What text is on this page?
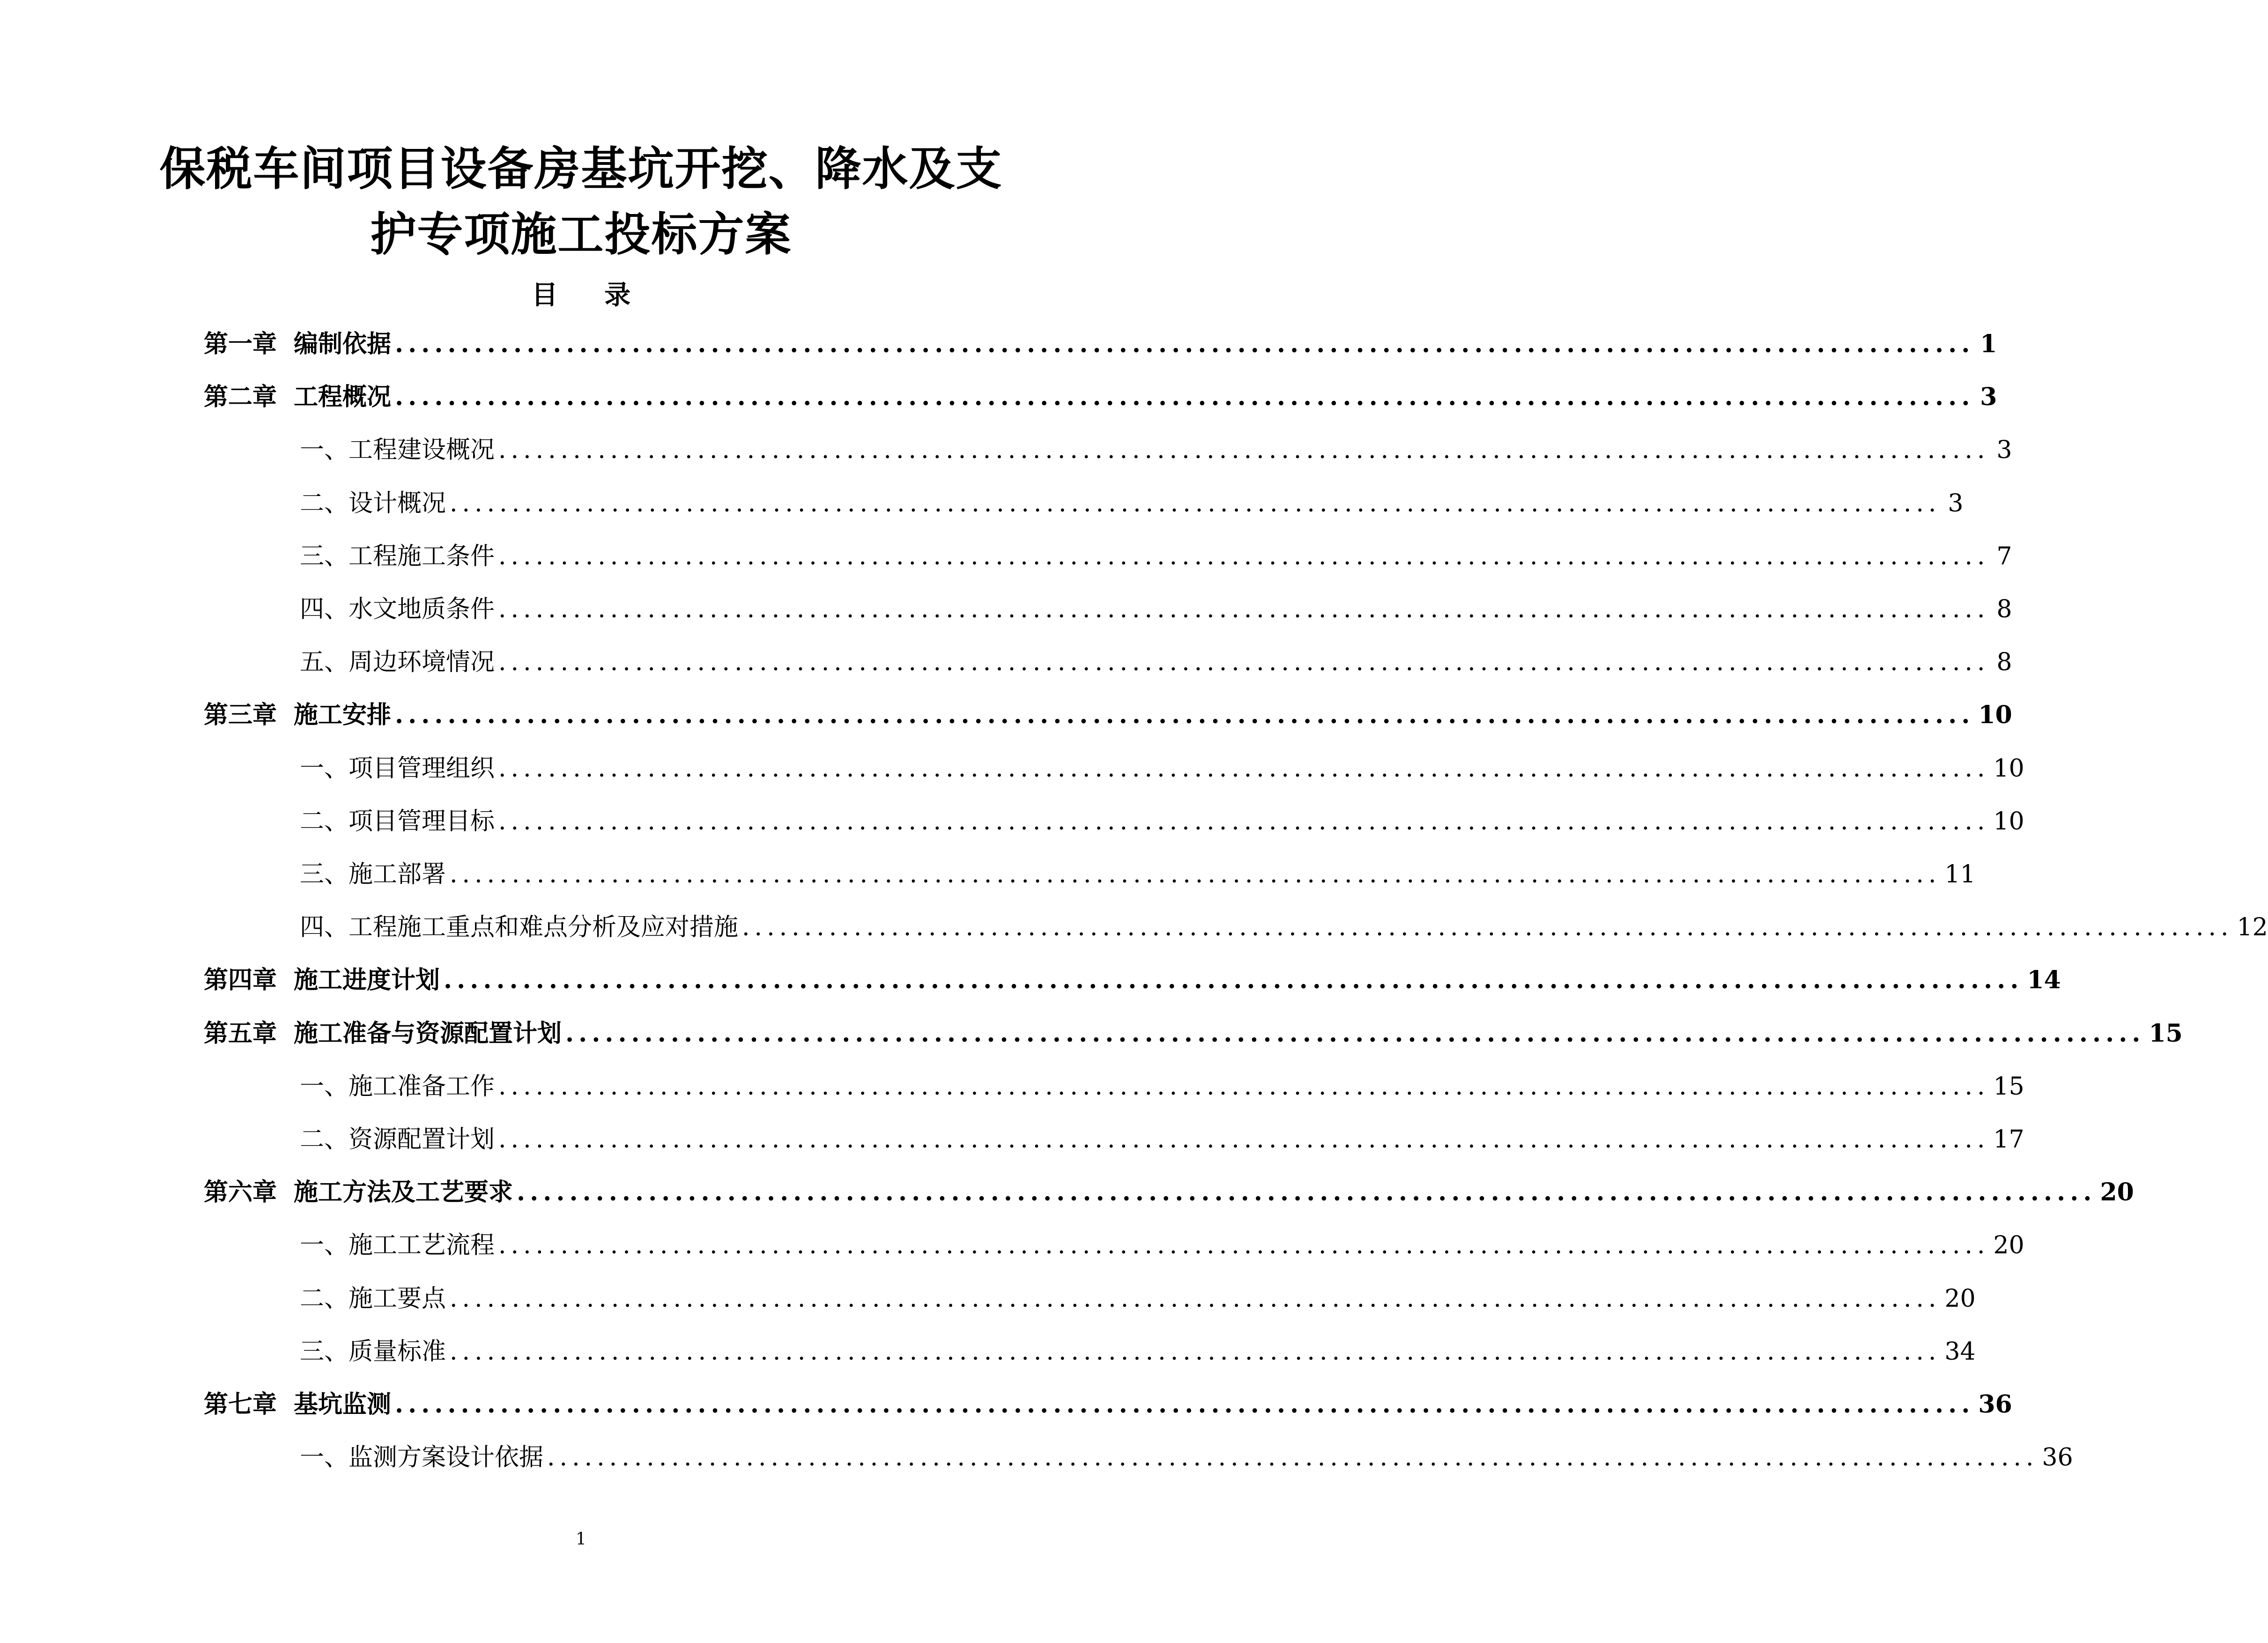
保税车间项目设备房基坑开挖、降水及支
护专项施工投标方案
目 录
第一章 编制依据 ........................................................................................................................ 1
第二章 工程概况 ........................................................................................................................ 3
一、工程建设概况 ........................................................................................................................ 3
二、设计概况 ........................................................................................................................ 3
三、工程施工条件 ........................................................................................................................ 7
四、水文地质条件 ........................................................................................................................ 8
五、周边环境情况 ........................................................................................................................ 8
第三章 施工安排 ........................................................................................................................ 10
一、项目管理组织 ........................................................................................................................ 10
二、项目管理目标 ........................................................................................................................ 10
三、施工部署 ........................................................................................................................ 11
四、工程施工重点和难点分析及应对措施 ........................................................................................................................ 12
第四章 施工进度计划 ........................................................................................................................ 14
第五章 施工准备与资源配置计划 ........................................................................................................................ 15
一、施工准备工作 ........................................................................................................................ 15
二、资源配置计划 ........................................................................................................................ 17
第六章 施工方法及工艺要求 ........................................................................................................................ 20
一、施工工艺流程 ........................................................................................................................ 20
二、施工要点 ........................................................................................................................ 20
三、质量标准 ........................................................................................................................ 34
第七章 基坑监测 ........................................................................................................................ 36
一、监测方案设计依据 ........................................................................................................................ 36
1
